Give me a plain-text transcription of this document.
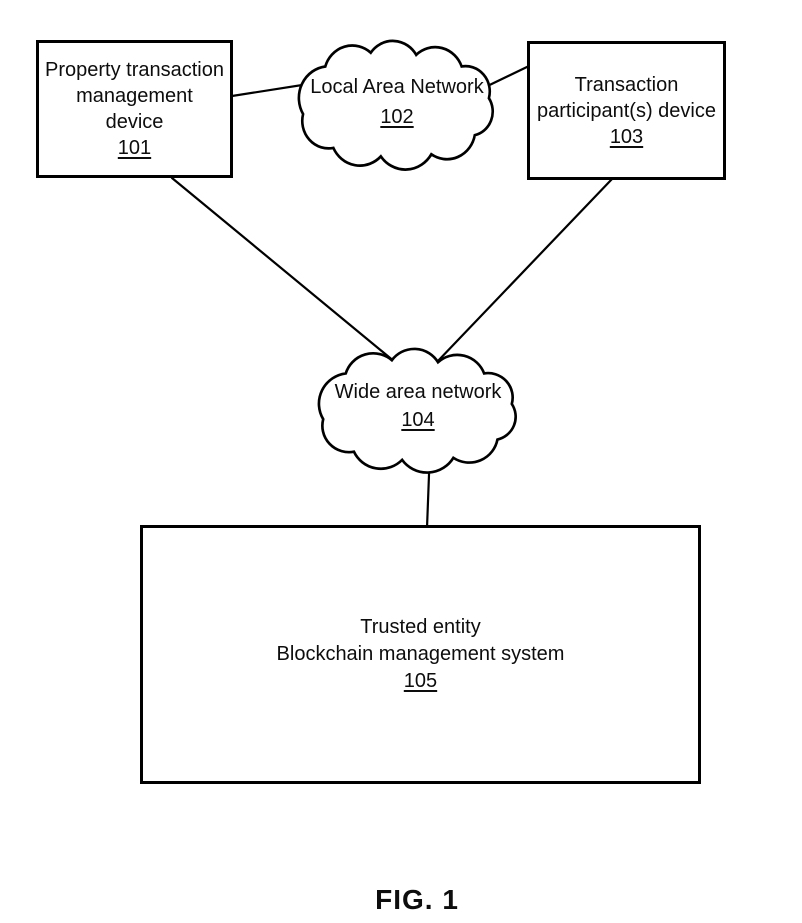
Property transaction
management
device
101
Transaction
participant(s) device
103
Trusted entity
Blockchain management system
105
Local Area Network
102
Wide area network
104
FIG. 1
